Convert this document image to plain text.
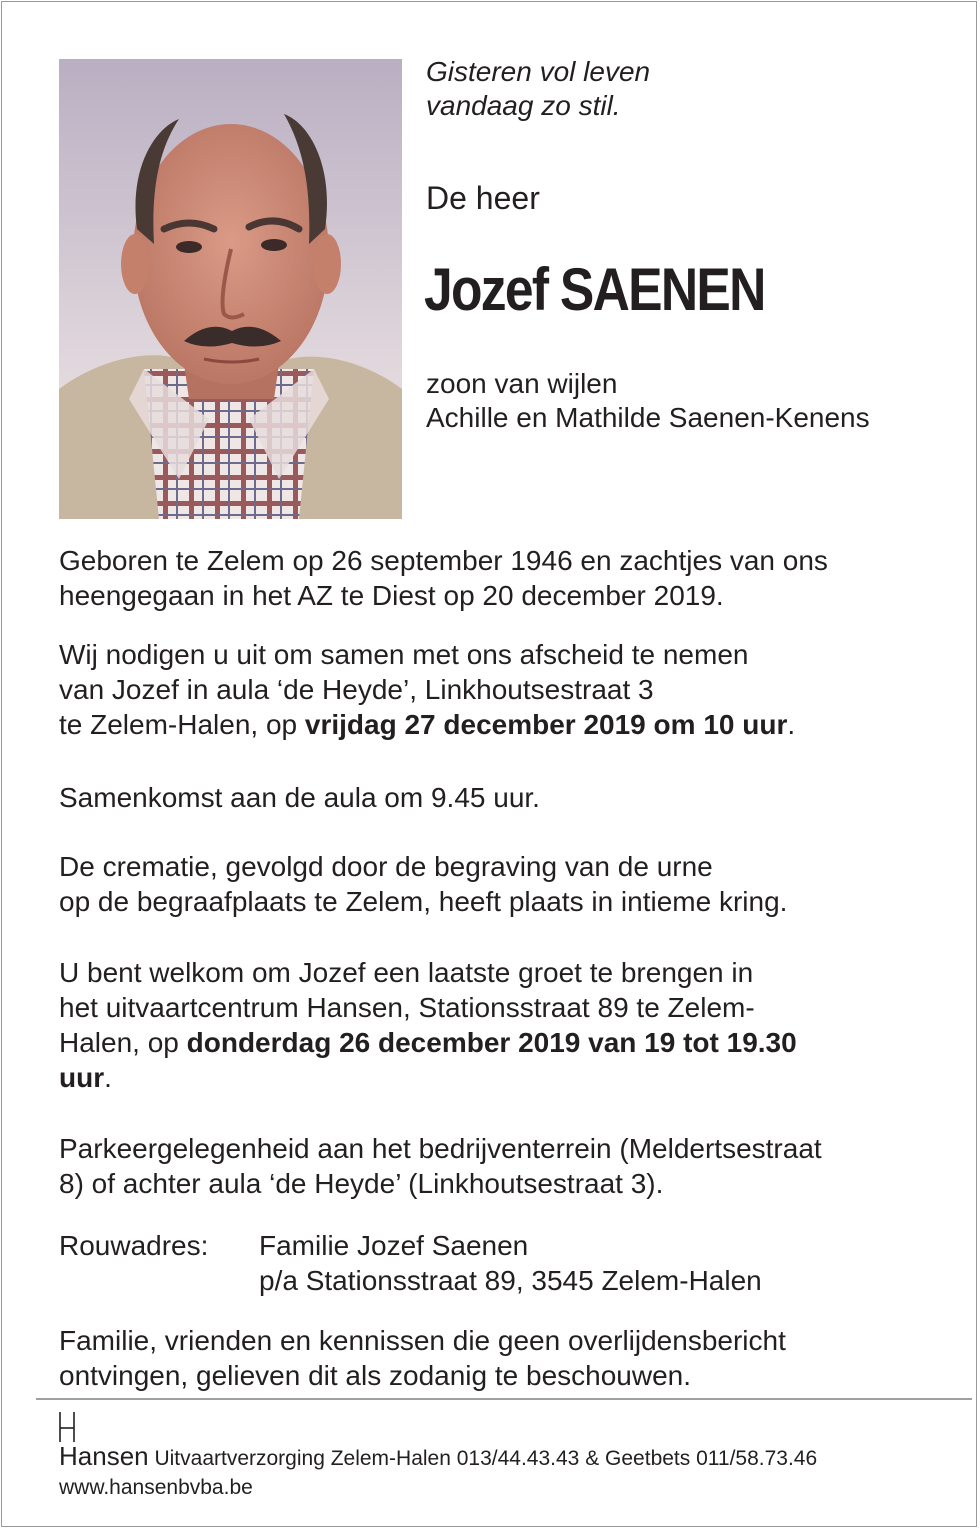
Gisteren vol leven
vandaag zo stil.
De heer
Jozef SAENEN
zoon van wijlen
Achille en Mathilde Saenen-Kenens
Geboren te Zelem op 26 september 1946 en zachtjes van ons
heengegaan in het AZ te Diest op 20 december 2019.
Wij nodigen u uit om samen met ons afscheid te nemen
van Jozef in aula ‘de Heyde’, Linkhoutsestraat 3
te Zelem-Halen, op vrijdag 27 december 2019 om 10 uur.
Samenkomst aan de aula om 9.45 uur.
De crematie, gevolgd door de begraving van de urne
op de begraafplaats te Zelem, heeft plaats in intieme kring.
U bent welkom om Jozef een laatste groet te brengen in
het uitvaartcentrum Hansen, Stationsstraat 89 te Zelem-
Halen, op donderdag 26 december 2019 van 19 tot 19.30
uur.
Parkeergelegenheid aan het bedrijventerrein (Meldertsestraat
8) of achter aula ‘de Heyde’ (Linkhoutsestraat 3).
Rouwadres: Familie Jozef Saenen
p/a Stationsstraat 89, 3545 Zelem-Halen
Familie, vrienden en kennissen die geen overlijdensbericht
ontvingen, gelieven dit als zodanig te beschouwen.
Hansen Uitvaartverzorging Zelem-Halen 013/44.43.43 & Geetbets 011/58.73.46
www.hansenbvba.be
